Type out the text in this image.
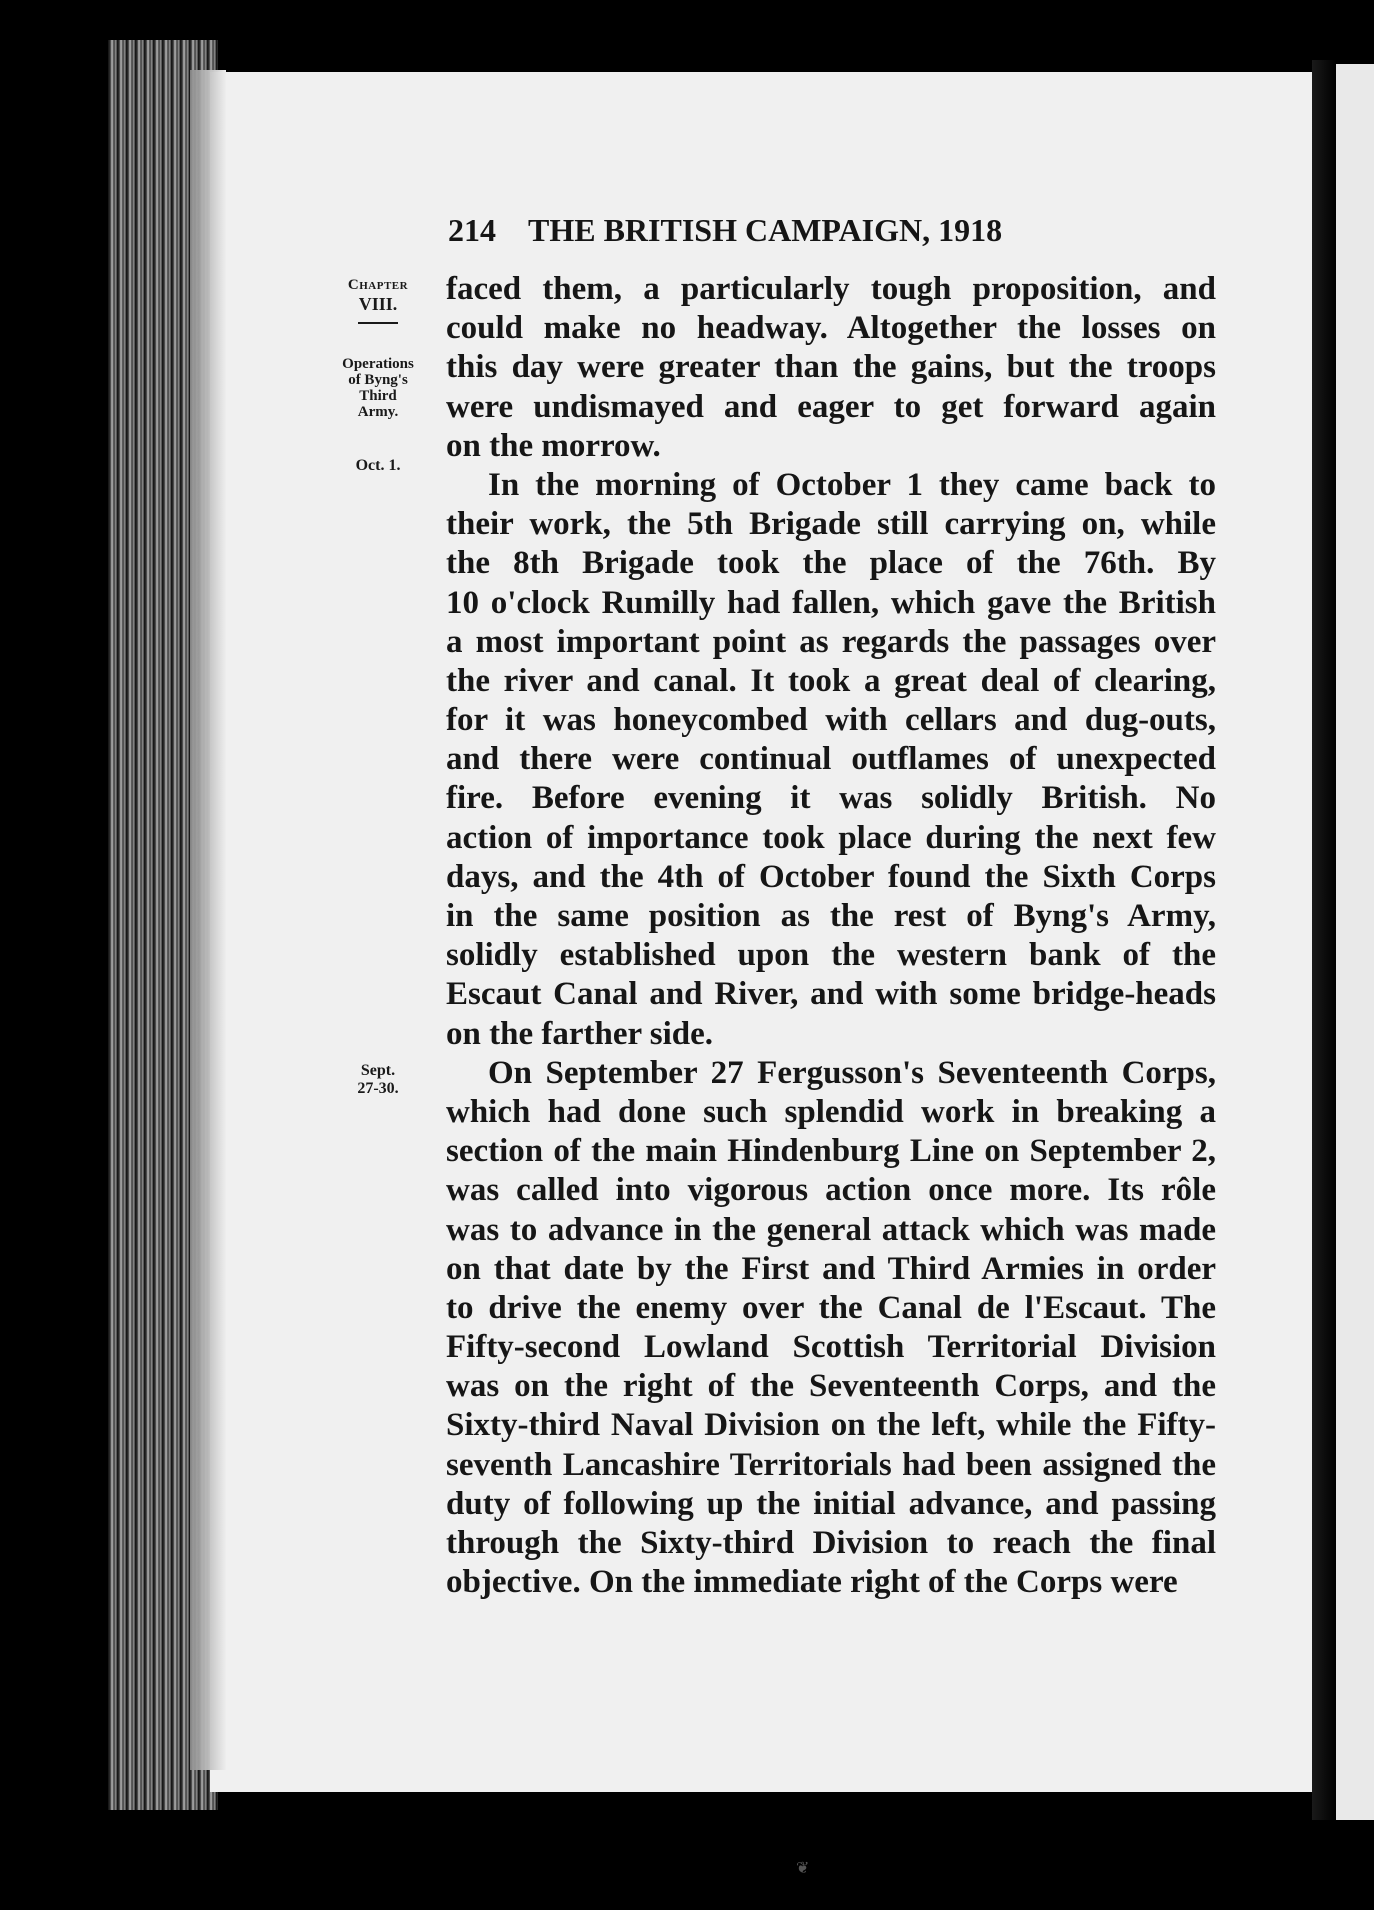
214 THE BRITISH CAMPAIGN, 1918
Chapter
VIII.
Operations
of Byng's
Third
Army.
Oct. 1.
Sept.
27-30.
faced them, a particularly tough proposition, and
could make no headway. Altogether the losses on
this day were greater than the gains, but the troops
were undismayed and eager to get forward again
on the morrow.
In the morning of October 1 they came back to
their work, the 5th Brigade still carrying on, while
the 8th Brigade took the place of the 76th. By
10 o'clock Rumilly had fallen, which gave the British
a most important point as regards the passages over
the river and canal. It took a great deal of clearing,
for it was honeycombed with cellars and dug-outs,
and there were continual outflames of unexpected
fire. Before evening it was solidly British. No
action of importance took place during the next few
days, and the 4th of October found the Sixth Corps
in the same position as the rest of Byng's Army,
solidly established upon the western bank of the
Escaut Canal and River, and with some bridge-heads
on the farther side.
On September 27 Fergusson's Seventeenth Corps,
which had done such splendid work in breaking a
section of the main Hindenburg Line on September 2,
was called into vigorous action once more. Its rôle
was to advance in the general attack which was made
on that date by the First and Third Armies in order
to drive the enemy over the Canal de l'Escaut. The
Fifty-second Lowland Scottish Territorial Division
was on the right of the Seventeenth Corps, and the
Sixty-third Naval Division on the left, while the Fifty-
seventh Lancashire Territorials had been assigned the
duty of following up the initial advance, and passing
through the Sixty-third Division to reach the final
objective. On the immediate right of the Corps were
❦
